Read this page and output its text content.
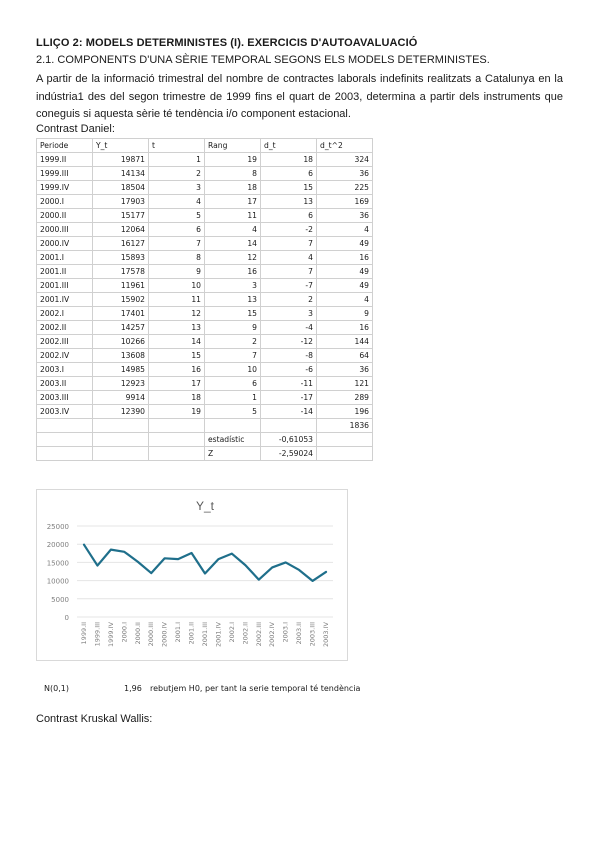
LLIÇO 2: MODELS DETERMINISTES (I). EXERCICIS D'AUTOAVALUACIÓ
2.1. COMPONENTS D'UNA SÈRIE TEMPORAL SEGONS ELS MODELS DETERMINISTES.
A partir de la informació trimestral del nombre de contractes laborals indefinits realitzats a Catalunya en la indústria1 des del segon trimestre de 1999 fins el quart de 2003, determina a partir dels instruments que coneguis si aquesta sèrie té tendència i/o component estacional.
Contrast Daniel:
Periode	Y_t	t	Rang	d_t	d_t^2
1999.II	19871	1	19	18	324
1999.III	14134	2	8	6	36
1999.IV	18504	3	18	15	225
2000.I	17903	4	17	13	169
2000.II	15177	5	11	6	36
2000.III	12064	6	4	-2	4
2000.IV	16127	7	14	7	49
2001.I	15893	8	12	4	16
2001.II	17578	9	16	7	49
2001.III	11961	10	3	-7	49
2001.IV	15902	11	13	2	4
2002.I	17401	12	15	3	9
2002.II	14257	13	9	-4	16
2002.III	10266	14	2	-12	144
2002.IV	13608	15	7	-8	64
2003.I	14985	16	10	-6	36
2003.II	12923	17	6	-11	121
2003.III	9914	18	1	-17	289
2003.IV	12390	19	5	-14	196
					1836
			estadístic	-0,61053	
			Z	-2,59024	
Y_t
0
5000
10000
15000
20000
25000
1999.II 1999.III 1999.IV 2000.I 2000.II 2000.III 2000.IV 2001.I 2001.II 2001.III 2001.IV 2002.I 2002.II 2002.III 2002.IV 2003.I 2003.II 2003.III 2003.IV
N(0,1)	1,96 rebutjem H0, per tant la serie temporal té tendència
Contrast Kruskal Wallis:
